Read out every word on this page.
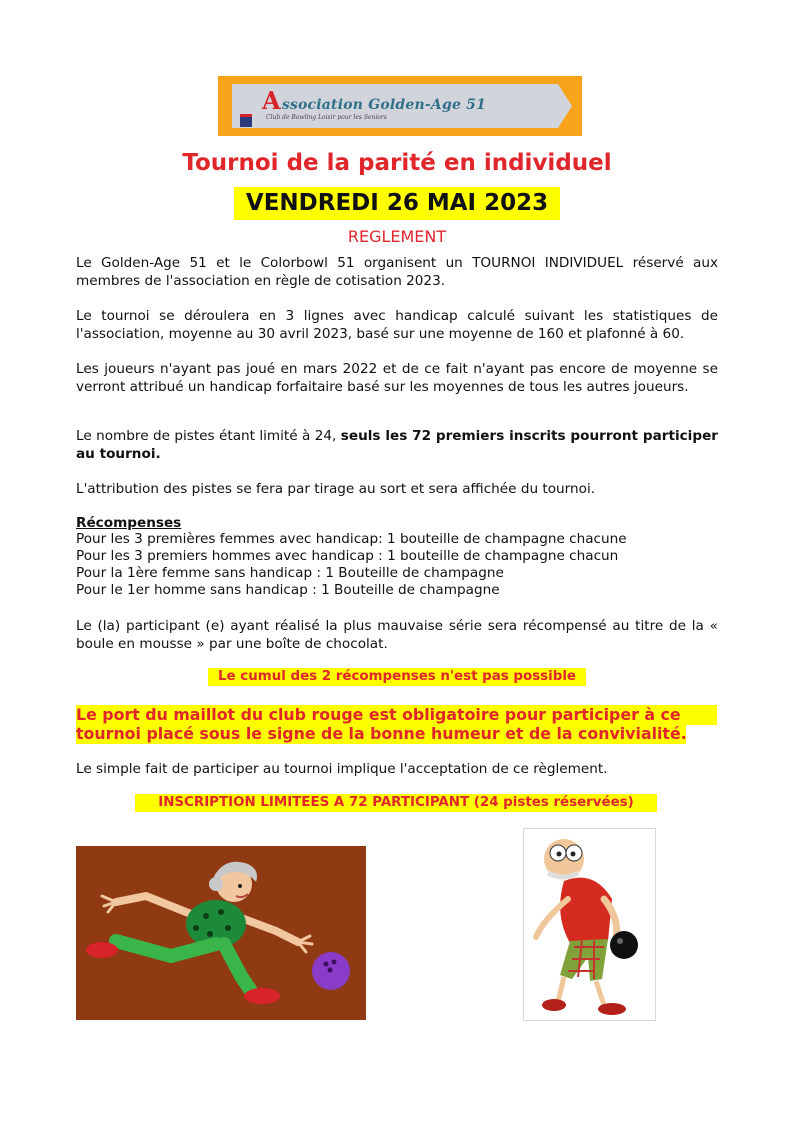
Association Golden-Age 51
Club de Bowling Loisir pour les Seniors
Tournoi de la parité en individuel
VENDREDI 26 MAI 2023
REGLEMENT

Le Golden-Age 51 et le Colorbowl 51 organisent un TOURNOI INDIVIDUEL réservé aux membres de l'association en règle de cotisation 2023.

Le tournoi se déroulera en 3 lignes avec handicap calculé suivant les statistiques de l'association, moyenne au 30 avril 2023, basé sur une moyenne de 160 et plafonné à 60.

Les joueurs n'ayant pas joué en mars 2022 et de ce fait n'ayant pas encore de moyenne se verront attribué un handicap forfaitaire basé sur les moyennes de tous les autres joueurs.

Le nombre de pistes étant limité à 24, seuls les 72 premiers inscrits pourront participer au tournoi.

L'attribution des pistes se fera par tirage au sort et sera affichée du tournoi.

Récompenses
Pour les 3 premières femmes avec handicap: 1 bouteille de champagne chacune
Pour les 3 premiers hommes avec handicap : 1 bouteille de champagne chacun
Pour la 1ère femme sans handicap : 1 Bouteille de champagne
Pour le 1er homme sans handicap : 1 Bouteille de champagne

Le (la) participant (e) ayant réalisé la plus mauvaise série sera récompensé au titre de la « boule en mousse » par une boîte de chocolat.

Le cumul des 2 récompenses n'est pas possible
Le port du maillot du club rouge est obligatoire pour participer à ce
tournoi placé sous le signe de la bonne humeur et de la convivialité.
Le simple fait de participer au tournoi implique l'acceptation de ce règlement.
INSCRIPTION LIMITEES A 72 PARTICIPANT (24 pistes réservées)
